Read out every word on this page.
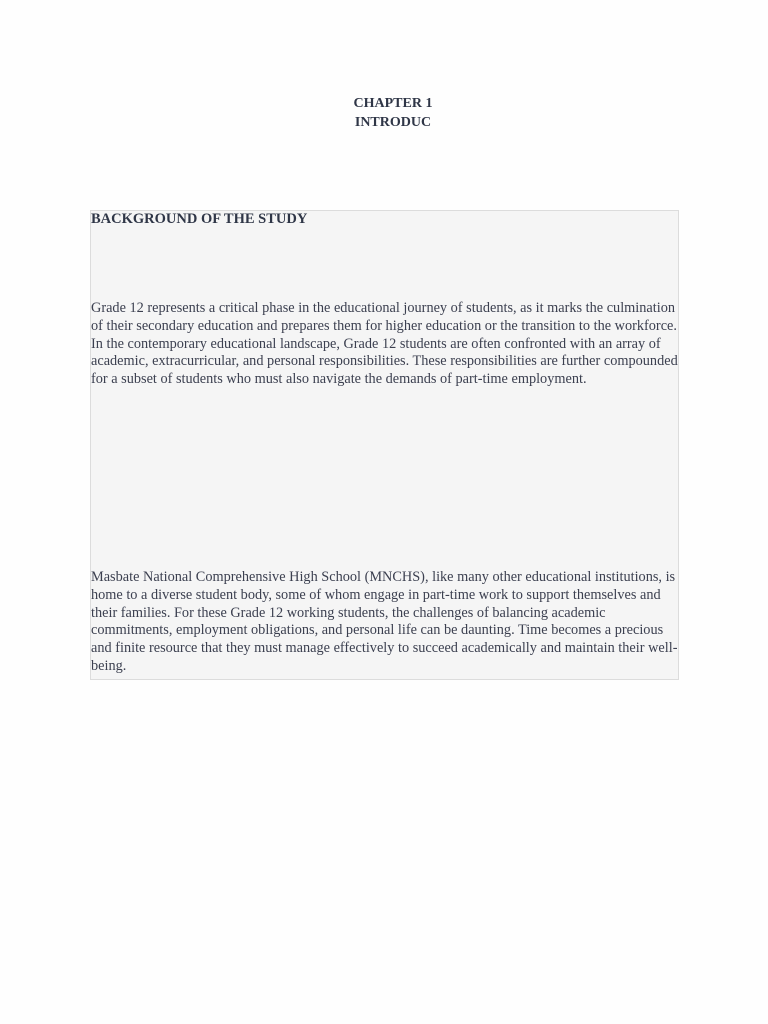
CHAPTER 1
INTRODUC
BACKGROUND OF THE STUDY

Grade 12 represents a critical phase in the educational journey of students, as it marks the culmination of their secondary education and prepares them for higher education or the transition to the workforce. In the contemporary educational landscape, Grade 12 students are often confronted with an array of academic, extracurricular, and personal responsibilities. These responsibilities are further compounded for a subset of students who must also navigate the demands of part-time employment.

Masbate National Comprehensive High School (MNCHS), like many other educational institutions, is home to a diverse student body, some of whom engage in part-time work to support themselves and their families. For these Grade 12 working students, the challenges of balancing academic commitments, employment obligations, and personal life can be daunting. Time becomes a precious and finite resource that they must manage effectively to succeed academically and maintain their well-being.
